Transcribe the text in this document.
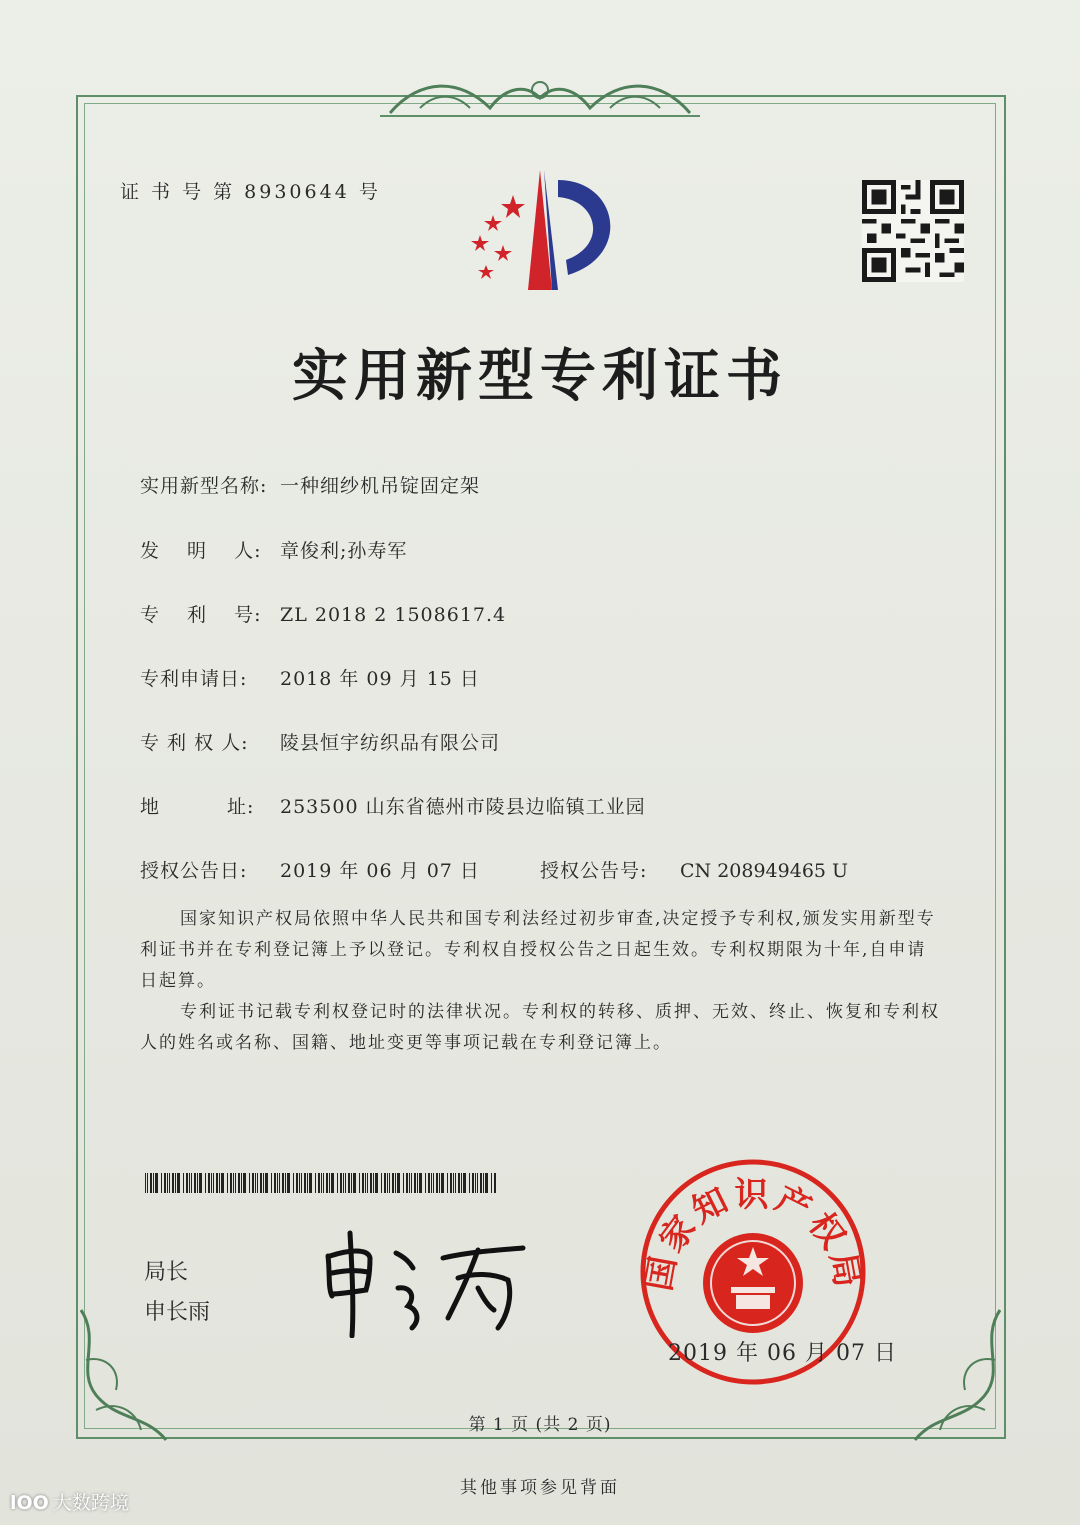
证 书 号 第 8930644 号
实用新型专利证书
实用新型名称: 一种细纱机吊锭固定架
发　 明　 人: 章俊利;孙寿军
专　 利　 号: ZL 2018 2 1508617.4
专利申请日: 2018 年 09 月 15 日
专 利 权 人: 陵县恒宇纺织品有限公司
地　　　 址: 253500 山东省德州市陵县边临镇工业园
授权公告日: 2019 年 06 月 07 日	授权公告号: CN 208949465 U

国家知识产权局依照中华人民共和国专利法经过初步审查,决定授予专利权,颁发实用新型专利证书并在专利登记簿上予以登记。专利权自授权公告之日起生效。专利权期限为十年,自申请日起算。

专利证书记载专利权登记时的法律状况。专利权的转移、质押、无效、终止、恢复和专利权人的姓名或名称、国籍、地址变更等事项记载在专利登记簿上。

局长
申长雨
国家知识产权局
2019 年 06 月 07 日
第 1 页 (共 2 页)
其他事项参见背面
lOO 大数跨境
